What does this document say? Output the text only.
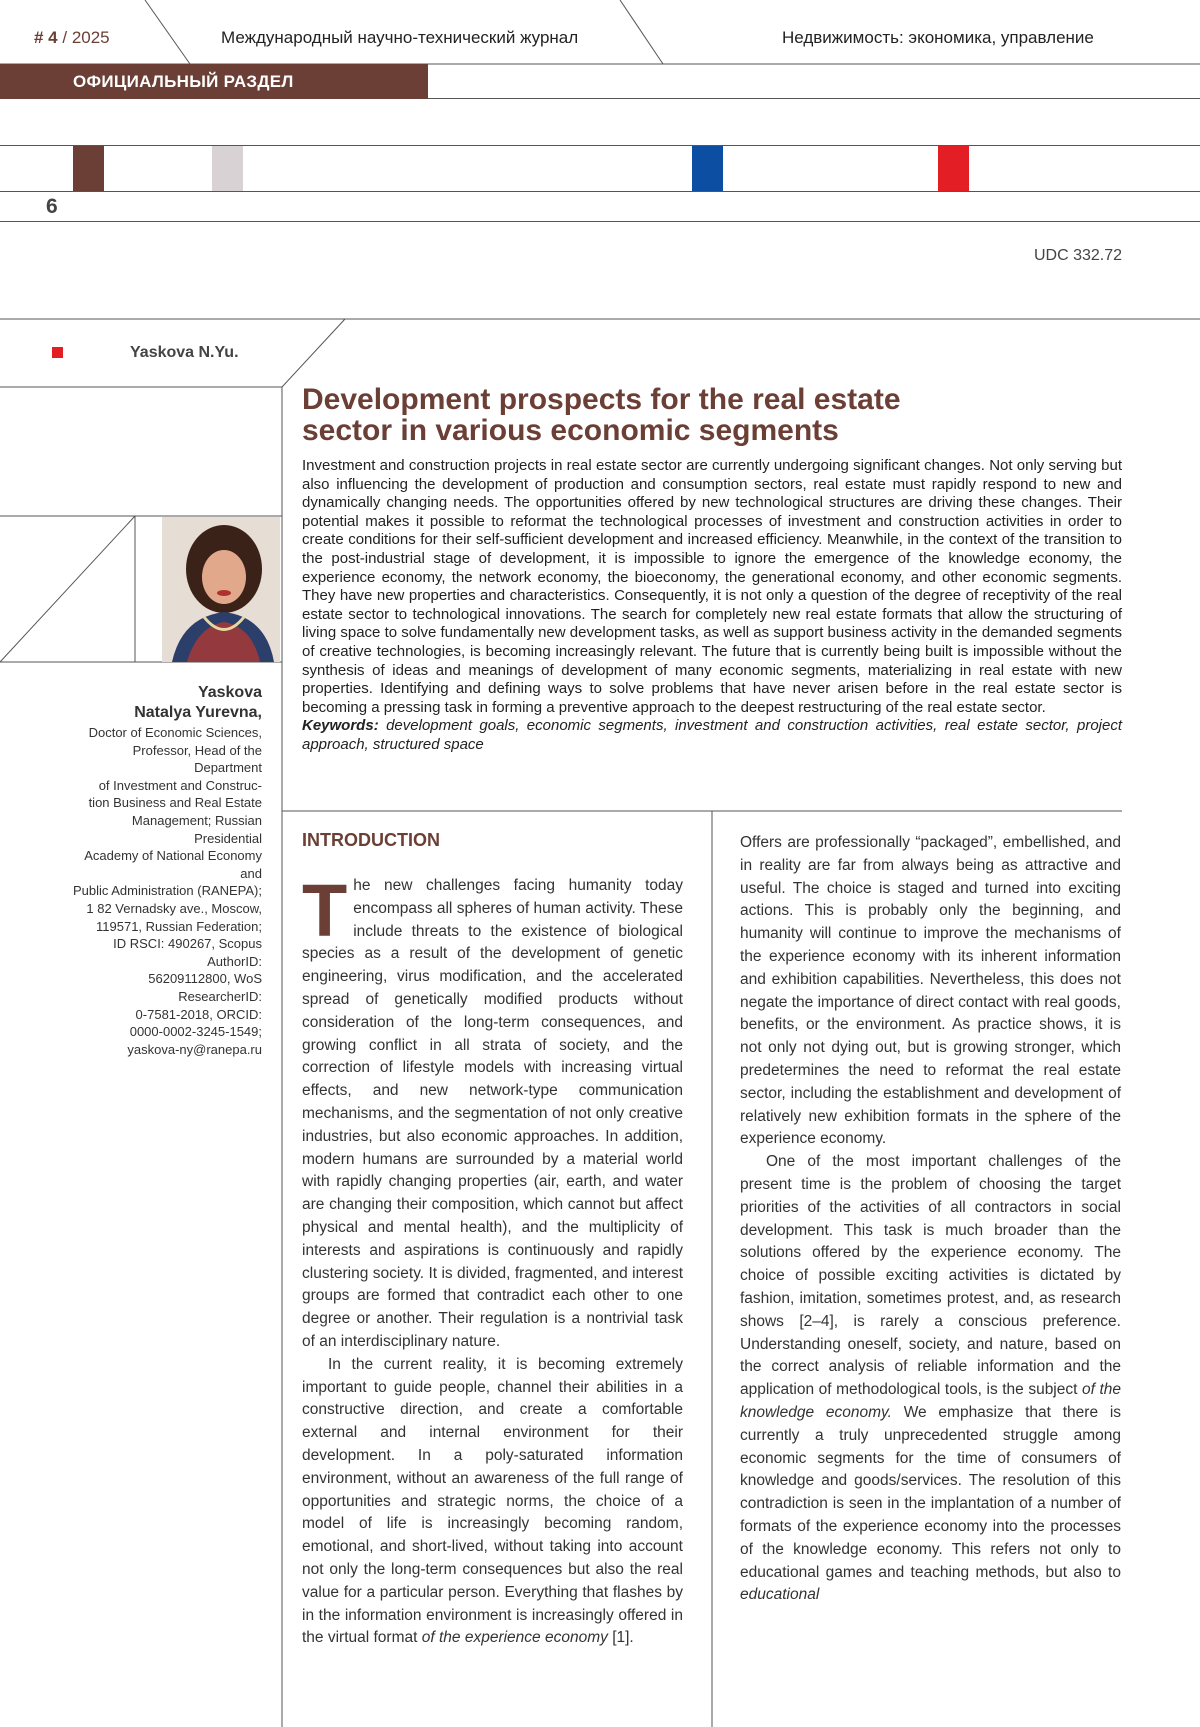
# 4 / 2025	Международный научно-технический журнал	Недвижимость: экономика, управление
ОФИЦИАЛЬНЫЙ РАЗДЕЛ
6
UDC 332.72
Yaskova N.Yu.
Yaskova
Natalya Yurevna,
Doctor of Economic Sciences,
Professor, Head of the Department
of Investment and Construc-
tion Business and Real Estate
Management; Russian Presidential
Academy of National Economy and
Public Administration (RANEPA);
1 82 Vernadsky ave., Moscow,
119571, Russian Federation;
ID RSCI: 490267, Scopus AuthorID:
56209112800, WoS ResearcherID:
0-7581-2018, ORCID:
0000-0002-3245-1549;
yaskova-ny@ranepa.ru
Development prospects for the real estate
sector in various economic segments
Investment and construction projects in real estate sector are currently undergoing significant changes. Not only serving but also influencing the development of production and consumption sectors, real estate must rapidly respond to new and dynamically changing needs. The opportunities offered by new technological structures are driving these changes. Their potential makes it possible to reformat the technological processes of investment and construction activities in order to create conditions for their self-sufficient development and increased efficiency. Meanwhile, in the context of the transition to the post-industrial stage of development, it is impossible to ignore the emergence of the knowledge economy, the experience economy, the network economy, the bioeconomy, the generational economy, and other economic segments. They have new properties and characteristics. Consequently, it is not only a question of the degree of receptivity of the real estate sector to technological innovations. The search for completely new real estate formats that allow the structuring of living space to solve fundamentally new development tasks, as well as support business activity in the demanded segments of creative technologies, is becoming increasingly relevant. The future that is currently being built is impossible without the synthesis of ideas and meanings of development of many economic segments, materializing in real estate with new properties. Identifying and defining ways to solve problems that have never arisen before in the real estate sector is becoming a pressing task in forming a preventive approach to the deepest restructuring of the real estate sector.
Keywords: development goals, economic segments, investment and construction activities, real estate sector, project approach, structured space
INTRODUCTION

The new challenges facing humanity today encompass all spheres of human activity. These include threats to the existence of biological species as a result of the development of genetic engineering, virus modification, and the accelerated spread of genetically modified products without consideration of the long-term consequences, and growing conflict in all strata of society, and the correction of lifestyle models with increasing virtual effects, and new network-type communication mechanisms, and the segmentation of not only creative industries, but also economic approaches. In addition, modern humans are surrounded by a material world with rapidly changing properties (air, earth, and water are changing their composition, which cannot but affect physical and mental health), and the multiplicity of interests and aspirations is continuously and rapidly clustering society. It is divided, fragmented, and interest groups are formed that contradict each other to one degree or another. Their regulation is a nontrivial task of an interdisciplinary nature.

In the current reality, it is becoming extremely important to guide people, channel their abilities in a constructive direction, and create a comfortable external and internal environment for their development. In a poly-saturated information environment, without an awareness of the full range of opportunities and strategic norms, the choice of a model of life is increasingly becoming random, emotional, and short-lived, without taking into account not only the long-term consequences but also the real value for a particular person. Everything that flashes by in the information environment is increasingly offered in the virtual format of the experience economy [1].

Offers are professionally “packaged”, embellished, and in reality are far from always being as attractive and useful. The choice is staged and turned into exciting actions. This is probably only the beginning, and humanity will continue to improve the mechanisms of the experience economy with its inherent information and exhibition capabilities. Nevertheless, this does not negate the importance of direct contact with real goods, benefits, or the environment. As practice shows, it is not only not dying out, but is growing stronger, which predetermines the need to reformat the real estate sector, including the establishment and development of relatively new exhibition formats in the sphere of the experience economy.

One of the most important challenges of the present time is the problem of choosing the target priorities of the activities of all contractors in social development. This task is much broader than the solutions offered by the experience economy. The choice of possible exciting activities is dictated by fashion, imitation, sometimes protest, and, as research shows [2–4], is rarely a conscious preference. Understanding oneself, society, and nature, based on the correct analysis of reliable information and the application of methodological tools, is the subject of the knowledge economy. We emphasize that there is currently a truly unprecedented struggle among economic segments for the time of consumers of knowledge and goods/services. The resolution of this contradiction is seen in the implantation of a number of formats of the experience economy into the processes of the knowledge economy. This refers not only to educational games and teaching methods, but also to educational
